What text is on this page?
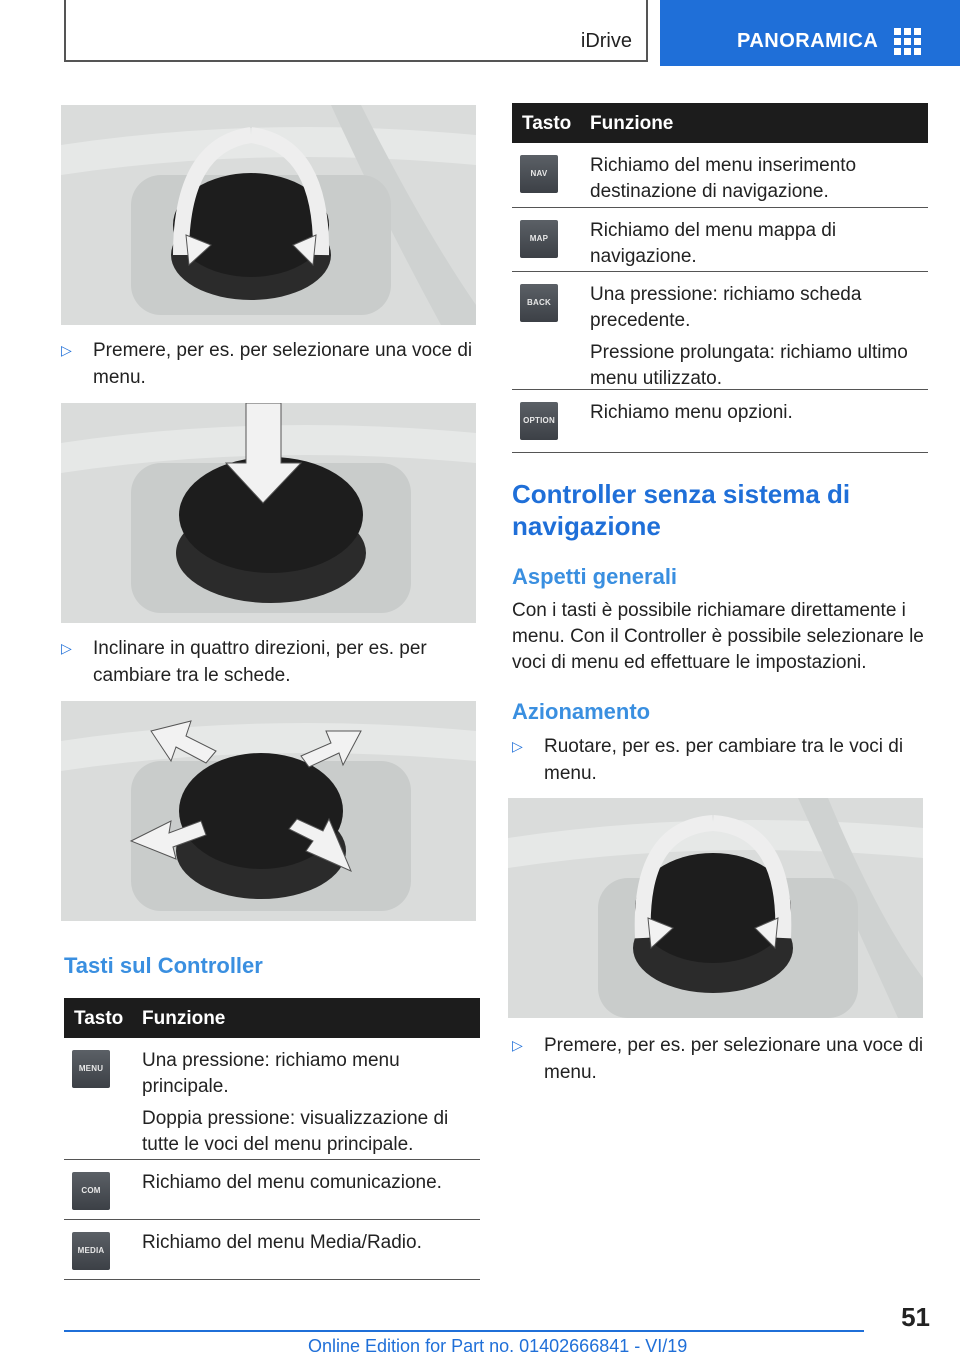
iDrive	PANORAMICA
▷ Premere, per es. per selezionare una voce di menu.
▷ Inclinare in quattro direzioni, per es. per cambiare tra le schede.
Tasti sul Controller
Tasto Funzione
MENU	Una pressione: richiamo menu principale.

Doppia pressione: visualizzazione di tutte le voci del menu principale.

COM	Richiamo del menu comunicazione.

MEDIA Richiamo del menu Media/Radio.

Tasto Funzione
NAV	Richiamo del menu inserimento destinazione di navigazione.

MAP	Richiamo del menu mappa di navigazione.

BACK	Una pressione: richiamo scheda precedente.

Pressione prolungata: richiamo ultimo menu utilizzato.

OPTION Richiamo menu opzioni.

Controller senza sistema di navigazione
Aspetti generali
Con i tasti è possibile richiamare direttamente i menu. Con il Controller è possibile selezionare le voci di menu ed effettuare le impostazioni.
Azionamento
▷ Ruotare, per es. per cambiare tra le voci di menu.
▷ Premere, per es. per selezionare una voce di menu.
51
Online Edition for Part no. 01402666841 - VI/19
